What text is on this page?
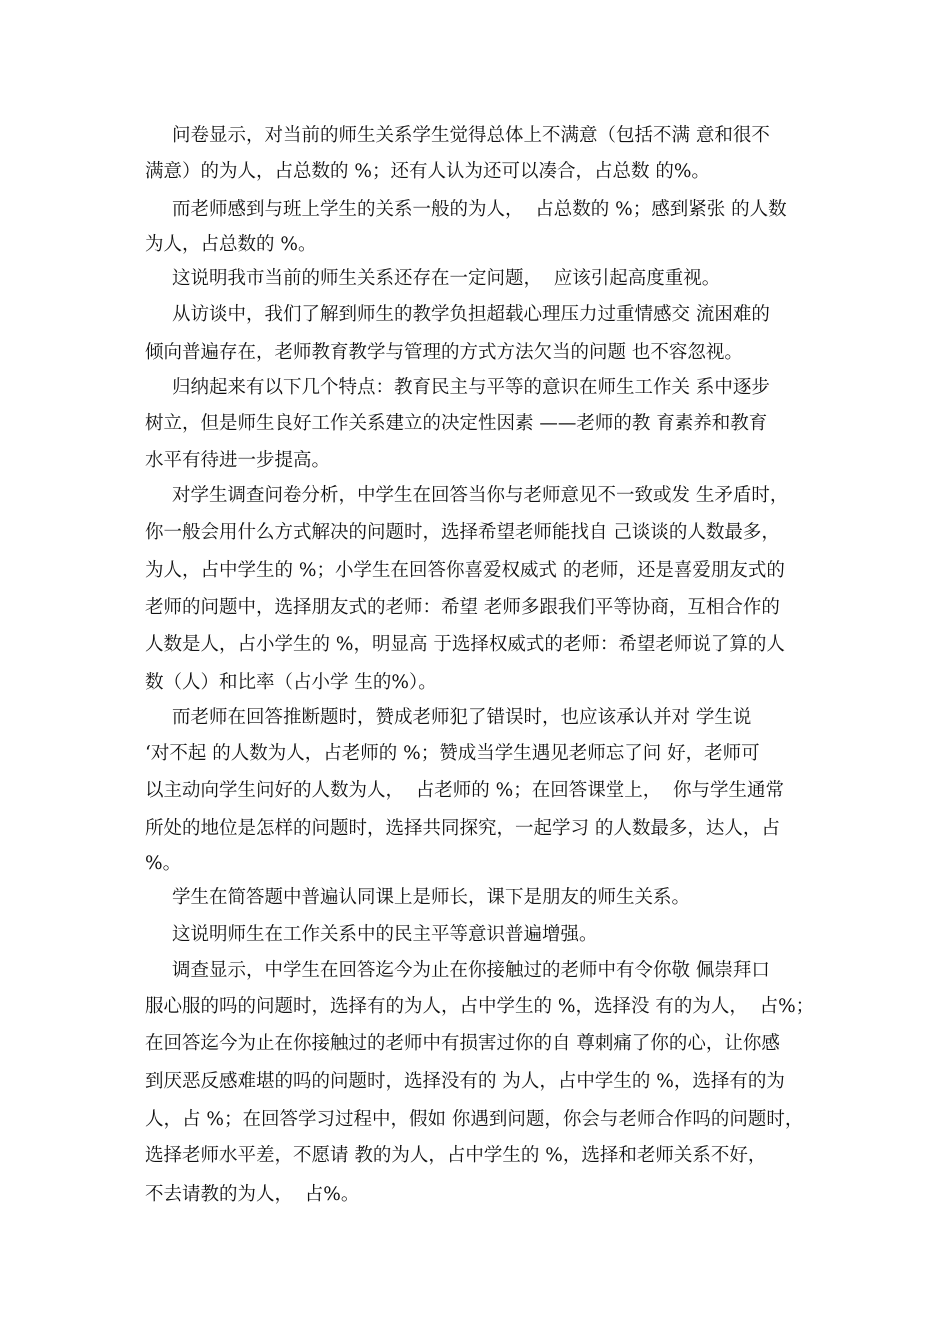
问卷显示，对当前的师生关系学生觉得总体上不满意（包括不满 意和很不
满意）的为人，占总数的 %；还有人认为还可以凑合，占总数 的%。
而老师感到与班上学生的关系一般的为人，  占总数的 %；感到紧张 的人数
为人，占总数的 %。
这说明我市当前的师生关系还存在一定问题，  应该引起高度重视。
从访谈中，我们了解到师生的教学负担超载心理压力过重情感交 流困难的
倾向普遍存在，老师教育教学与管理的方式方法欠当的问题 也不容忽视。
归纳起来有以下几个特点：教育民主与平等的意识在师生工作关 系中逐步
树立，但是师生良好工作关系建立的决定性因素 ——老师的教 育素养和教育
水平有待进一步提高。
对学生调查问卷分析，中学生在回答当你与老师意见不一致或发 生矛盾时，
你一般会用什么方式解决的问题时，选择希望老师能找自 己谈谈的人数最多，
为人，占中学生的 %；小学生在回答你喜爱权威式 的老师，还是喜爱朋友式的
老师的问题中，选择朋友式的老师：希望 老师多跟我们平等协商，互相合作的
人数是人，占小学生的 %，明显高 于选择权威式的老师：希望老师说了算的人
数（人）和比率（占小学 生的%）。
而老师在回答推断题时，赞成老师犯了错误时，也应该承认并对 学生说
‘对不起 的人数为人，占老师的 %；赞成当学生遇见老师忘了问 好，老师可
以主动向学生问好的人数为人，  占老师的 %；在回答课堂上，  你与学生通常
所处的地位是怎样的问题时，选择共同探究，一起学习 的人数最多，达人，占
%。
学生在简答题中普遍认同课上是师长，课下是朋友的师生关系。
这说明师生在工作关系中的民主平等意识普遍增强。
调查显示，中学生在回答迄今为止在你接触过的老师中有令你敬 佩崇拜口
服心服的吗的问题时，选择有的为人，占中学生的 %，选择没 有的为人，  占%；
在回答迄今为止在你接触过的老师中有损害过你的自 尊刺痛了你的心，让你感
到厌恶反感难堪的吗的问题时，选择没有的 为人，占中学生的 %，选择有的为
人，占 %；在回答学习过程中，假如 你遇到问题，你会与老师合作吗的问题时，
选择老师水平差，不愿请 教的为人，占中学生的 %，选择和老师关系不好，
不去请教的为人，  占%。
